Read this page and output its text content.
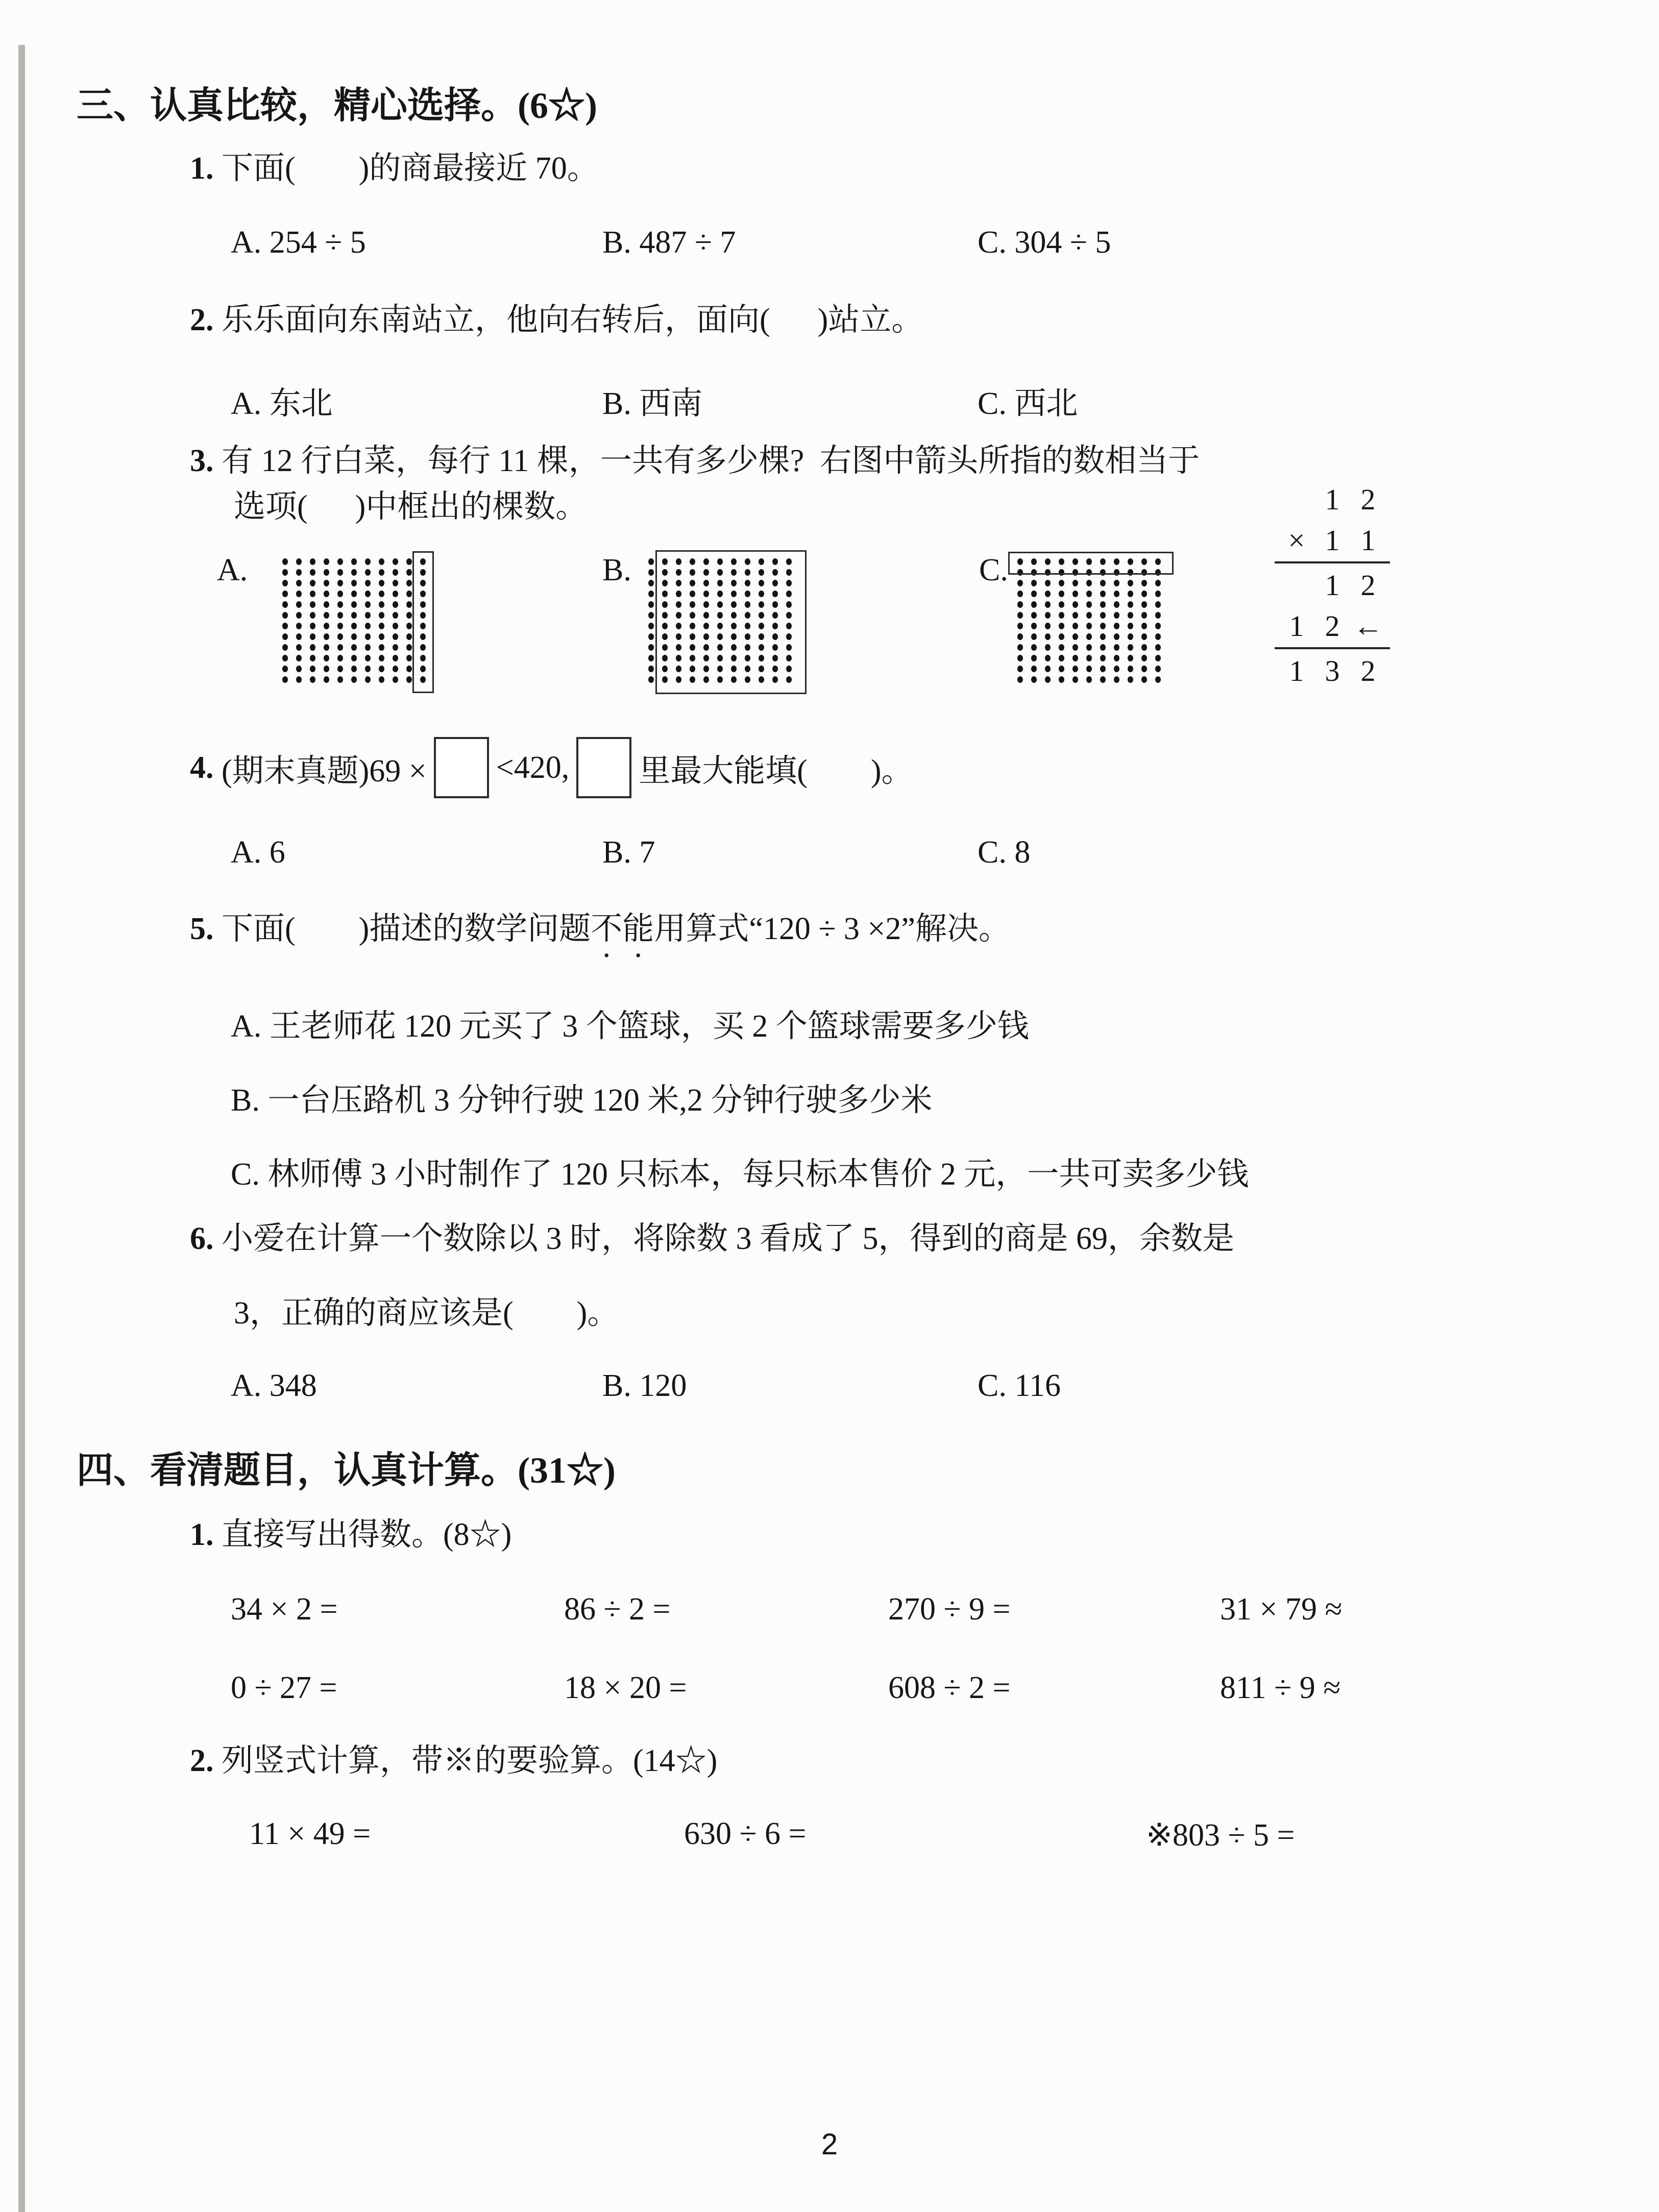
三、认真比较，精心选择。(6☆)
1. 下面(        )的商最接近 70。
A. 254 ÷ 5	B. 487 ÷ 7	C. 304 ÷ 5
2. 乐乐面向东南站立，他向右转后，面向(      )站立。
A. 东北	B. 西南	C. 西北
3. 有 12 行白菜，每行 11 棵，一共有多少棵?  右图中箭头所指的数相当于
选项(      )中框出的棵数。
A.	B.	C.
1 2
× 1 1
1 2
1 2 ←
1 3 2
4. (期末真题)69 × <420, 里最大能填(        )。
A. 6	B. 7	C. 8
5. 下面(        )描述的数学问题不能用算式“120 ÷ 3 ×2”解决。
A. 王老师花 120 元买了 3 个篮球，买 2 个篮球需要多少钱
B. 一台压路机 3 分钟行驶 120 米,2 分钟行驶多少米
C. 林师傅 3 小时制作了 120 只标本，每只标本售价 2 元，一共可卖多少钱
6. 小爱在计算一个数除以 3 时，将除数 3 看成了 5，得到的商是 69，余数是
3，正确的商应该是(        )。
A. 348	B. 120	C. 116
四、看清题目，认真计算。(31☆)
1. 直接写出得数。(8☆)
34 × 2 =	86 ÷ 2 =	270 ÷ 9 =	31 × 79 ≈
0 ÷ 27 =	18 × 20 =	608 ÷ 2 =	811 ÷ 9 ≈
2. 列竖式计算，带※的要验算。(14☆)
11 × 49 =	630 ÷ 6 =	※803 ÷ 5 =
2
